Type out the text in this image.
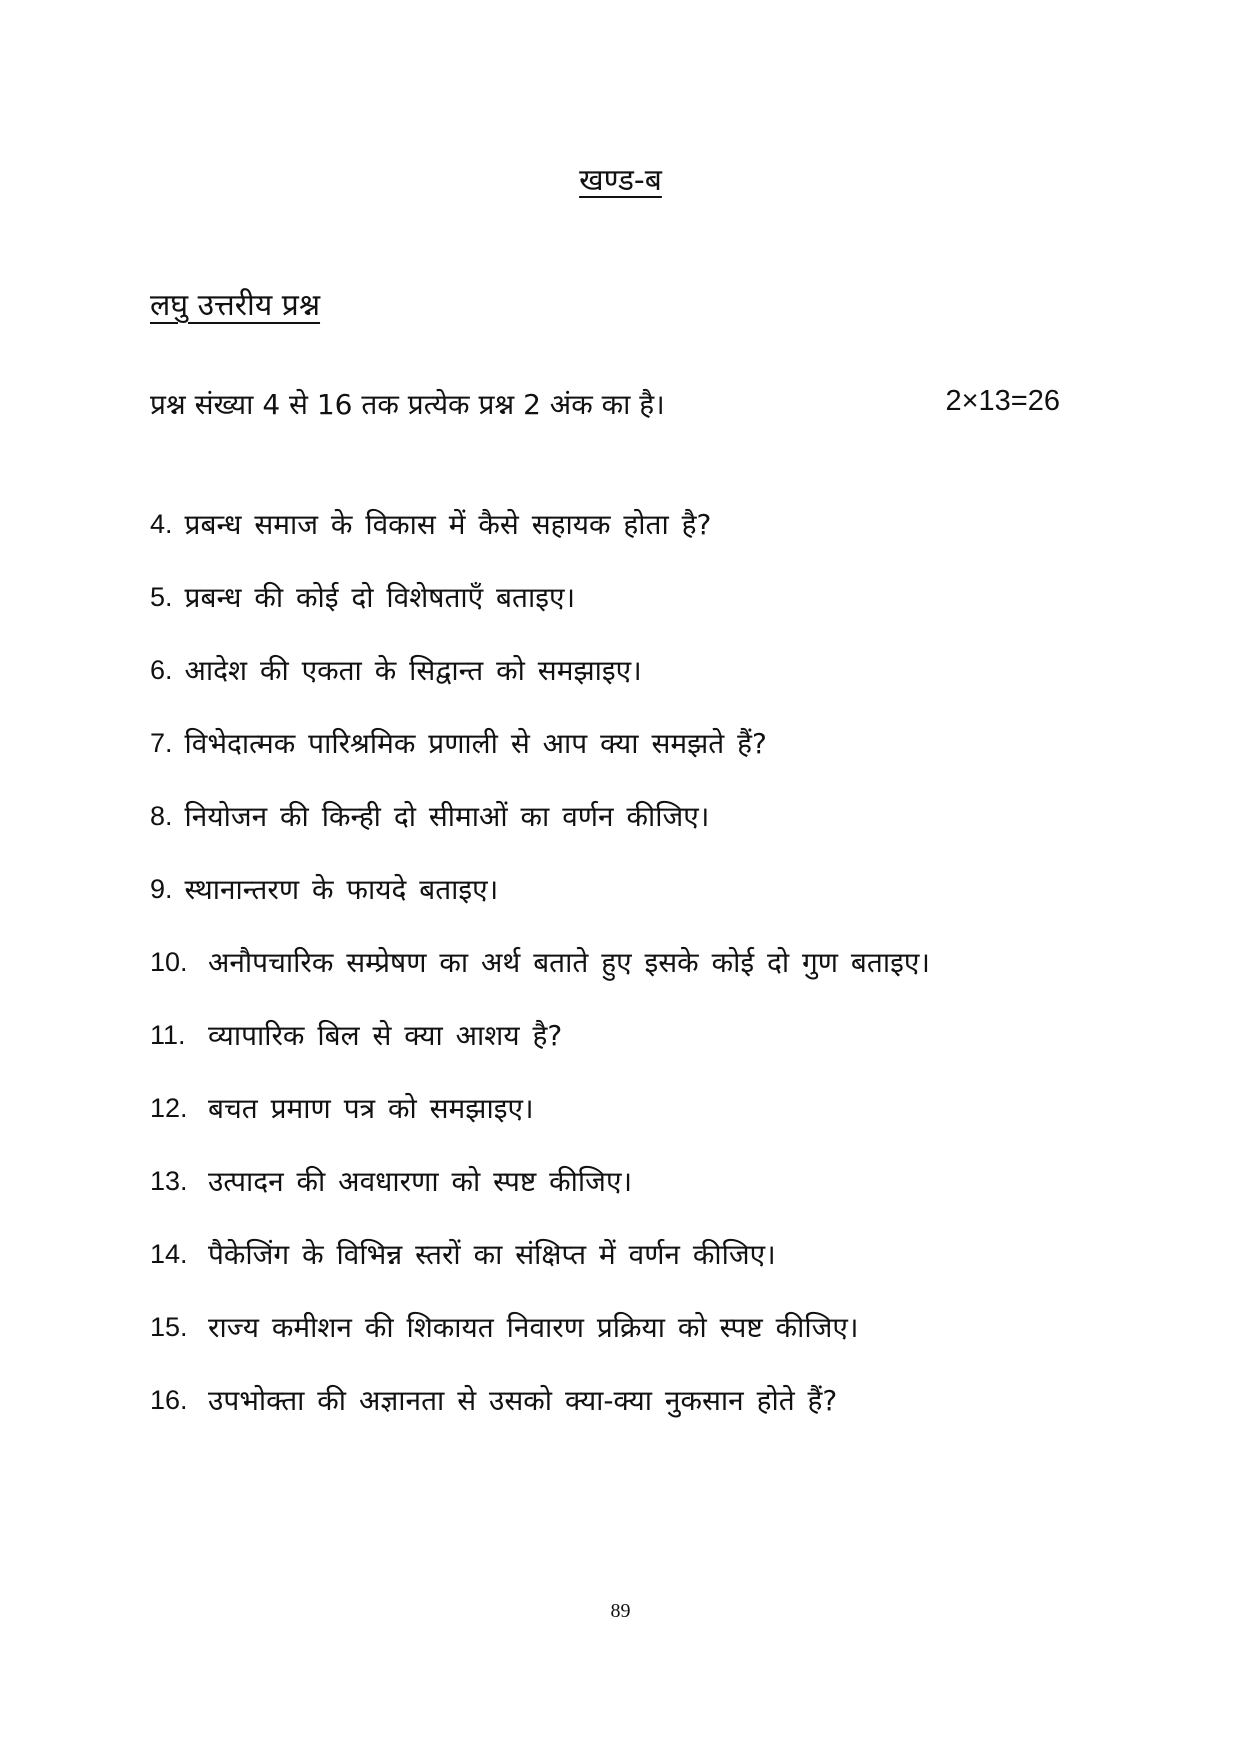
खण्ड-ब
लघु उत्तरीय प्रश्न
प्रश्न संख्या 4 से 16 तक प्रत्येक प्रश्न 2 अंक का है।	2×13=26
4. प्रबन्ध समाज के विकास में कैसे सहायक होता है?
5. प्रबन्ध की कोई दो विशेषताएँ बताइए।
6. आदेश की एकता के सिद्वान्त को समझाइए।
7. विभेदात्मक पारिश्रमिक प्रणाली से आप क्या समझते हैं?
8. नियोजन की किन्ही दो सीमाओं का वर्णन कीजिए।
9. स्थानान्तरण के फायदे बताइए।
10. अनौपचारिक सम्प्रेषण का अर्थ बताते हुए इसके कोई दो गुण बताइए।
11. व्यापारिक बिल से क्या आशय है?
12. बचत प्रमाण पत्र को समझाइए।
13. उत्पादन की अवधारणा को स्पष्ट कीजिए।
14. पैकेजिंग के विभिन्न स्तरों का संक्षिप्त में वर्णन कीजिए।
15. राज्य कमीशन की शिकायत निवारण प्रक्रिया को स्पष्ट कीजिए।
16. उपभोक्ता की अज्ञानता से उसको क्या-क्या नुकसान होते हैं?
89
